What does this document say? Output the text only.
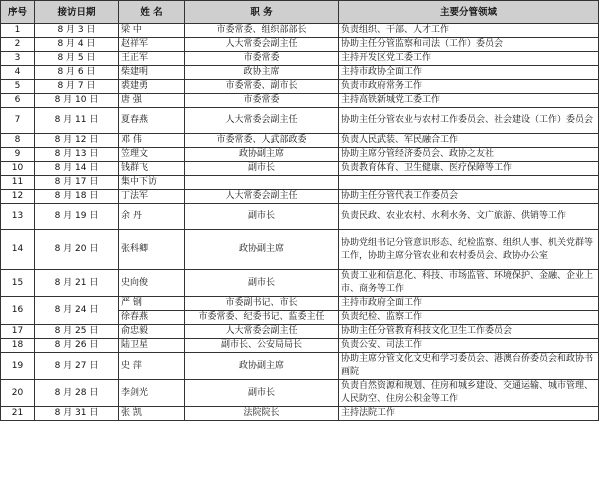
序号	接访日期	姓 名	职 务	主要分管领域
1	8 月 3 日	梁 中	市委常委、组织部部长	负责组织、干部、人才工作
2	8 月 4 日	赵祥军	人大常委会副主任	协助主任分管监察和司法（工作）委员会
3	8 月 5 日	王正军	市委常委	主持开发区党工委工作
4	8 月 6 日	柴建明	政协主席	主持市政协全面工作
5	8 月 7 日	裘建勇	市委常委、副市长	负责市政府常务工作
6	8 月 10 日	唐 强	市委常委	主持高铁新城党工委工作
7	8 月 11 日	夏春燕	人大常委会副主任	协助主任分管农业与农村工作委员会、社会建设（工作）委员会
8	8 月 12 日	邓 伟	市委常委、人武部政委	负责人民武装、军民融合工作
9	8 月 13 日	笠理文	政协副主席	协助主席分管经济委员会、政协之友社
10	8 月 14 日	钱群飞	副市长	负责教育体育、卫生健康、医疗保障等工作
11	8 月 17 日	集中下访		
12	8 月 18 日	丁法军	人大常委会副主任	协助主任分管代表工作委员会
13	8 月 19 日	余 丹	副市长	负责民政、农业农村、水利水务、文广旅游、供销等工作
14	8 月 20 日	张科卿	政协副主席	协助党组书记分管意识形态、纪检监察、组织人事、机关党群等工作，协助主席分管农业和农村委员会、政协办公室
15	8 月 21 日	史向俊	副市长	负责工业和信息化、科技、市场监管、环境保护、金融、企业上市、商务等工作
16	8 月 24 日	严 钢	市委副书记、市长	主持市政府全面工作
		徐春燕	市委常委、纪委书记、监委主任	负责纪检、监察工作
17	8 月 25 日	俞忠毅	人大常委会副主任	协助主任分管教育科技文化卫生工作委员会
18	8 月 26 日	陆卫星	副市长、公安局局长	负责公安、司法工作
19	8 月 27 日	史 萍	政协副主席	协助主席分管文化文史和学习委员会、港澳台侨委员会和政协书画院
20	8 月 28 日	李剑光	副市长	负责自然资源和规划、住房和城乡建设、交通运输、城市管理、人民防空、住房公积金等工作
21	8 月 31 日	张 凯	法院院长	主持法院工作
